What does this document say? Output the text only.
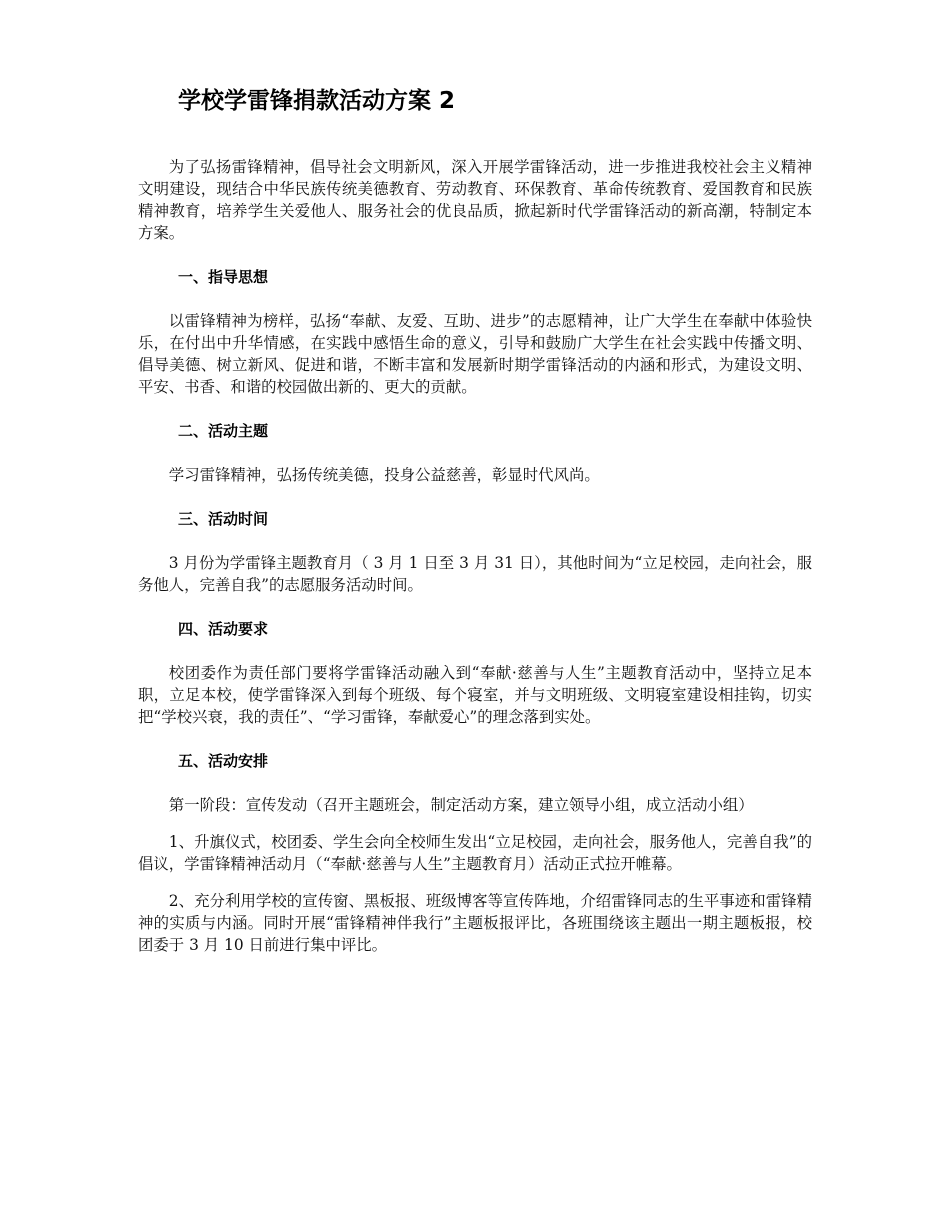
学校学雷锋捐款活动方案 2

为了弘扬雷锋精神，倡导社会文明新风，深入开展学雷锋活动，进一步推进我校社会主义精神文明建设，现结合中华民族传统美德教育、劳动教育、环保教育、革命传统教育、爱国教育和民族精神教育，培养学生关爱他人、服务社会的优良品质，掀起新时代学雷锋活动的新高潮，特制定本方案。

一、指导思想

以雷锋精神为榜样，弘扬“奉献、友爱、互助、进步”的志愿精神，让广大学生在奉献中体验快乐，在付出中升华情感，在实践中感悟生命的意义，引导和鼓励广大学生在社会实践中传播文明、倡导美德、树立新风、促进和谐，不断丰富和发展新时期学雷锋活动的内涵和形式，为建设文明、平安、书香、和谐的校园做出新的、更大的贡献。

二、活动主题

学习雷锋精神，弘扬传统美德，投身公益慈善，彰显时代风尚。

三、活动时间

3 月份为学雷锋主题教育月（ 3 月 1 日至 3 月 31 日），其他时间为“立足校园，走向社会，服务他人，完善自我”的志愿服务活动时间。

四、活动要求

校团委作为责任部门要将学雷锋活动融入到“奉献·慈善与人生”主题教育活动中，坚持立足本职，立足本校，使学雷锋深入到每个班级、每个寝室，并与文明班级、文明寝室建设相挂钩，切实把“学校兴衰，我的责任”、“学习雷锋，奉献爱心”的理念落到实处。

五、活动安排

第一阶段：宣传发动（召开主题班会，制定活动方案，建立领导小组，成立活动小组）

1、升旗仪式，校团委、学生会向全校师生发出“立足校园，走向社会，服务他人，完善自我”的倡议，学雷锋精神活动月（“奉献·慈善与人生”主题教育月）活动正式拉开帷幕。

2、充分利用学校的宣传窗、黑板报、班级博客等宣传阵地，介绍雷锋同志的生平事迹和雷锋精神的实质与内涵。同时开展“雷锋精神伴我行”主题板报评比，各班围绕该主题出一期主题板报，校团委于 3 月 10 日前进行集中评比。
